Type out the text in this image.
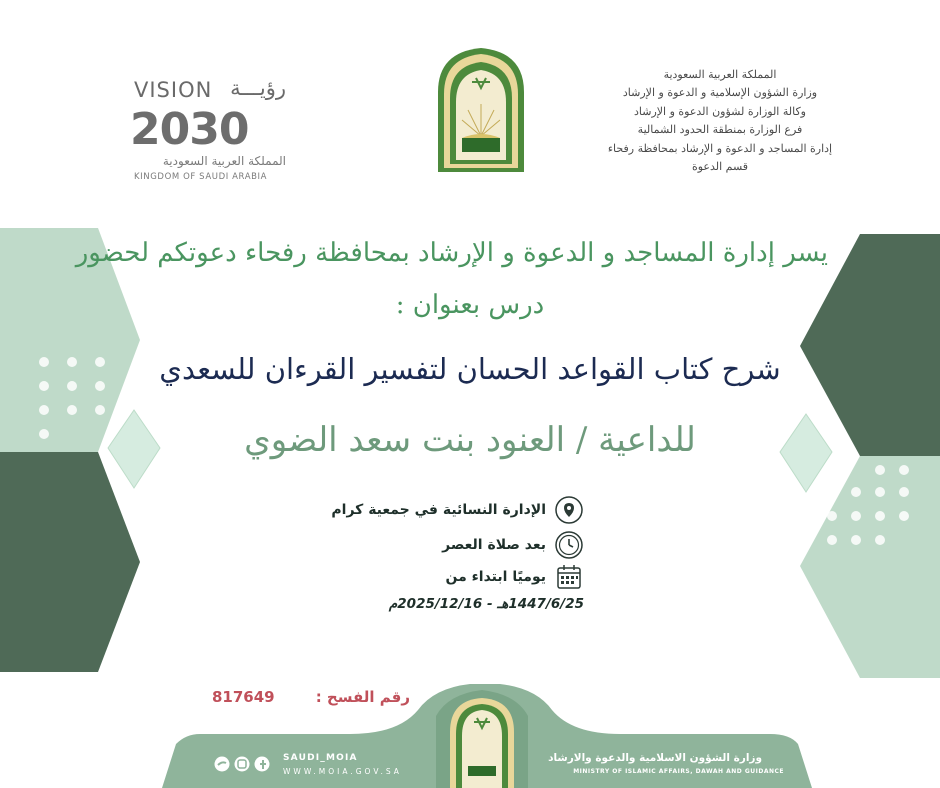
المملكة العربية السعودية
وزارة الشؤون الإسلامية و الدعوة و الإرشاد
وكالة الوزارة لشؤون الدعوة و الإرشاد
فرع الوزارة بمنطقة الحدود الشمالية
إدارة المساجد و الدعوة و الإرشاد بمحافظة رفحاء
قسم الدعوة
VISION رؤيـــة
2030
المملكة العربية السعودية
KINGDOM OF SAUDI ARABIA
يسر إدارة المساجد و الدعوة و الإرشاد بمحافظة رفحاء دعوتكم لحضور
درس بعنوان :
شرح كتاب القواعد الحسان لتفسير القرءان للسعدي
للداعية / العنود بنت سعد الضوي
الإدارة النسائية في جمعية كرام
بعد صلاة العصر
يوميًا ابتداء من
1447/6/25هـ - 2025/12/16م
رقم الفسح :
817649
SAUDI_MOIA
WWW.MOIA.GOV.SA
وزارة الشؤون الاسلامية والدعوة والارشاد
MINISTRY OF ISLAMIC AFFAIRS, DAWAH AND GUIDANCE
